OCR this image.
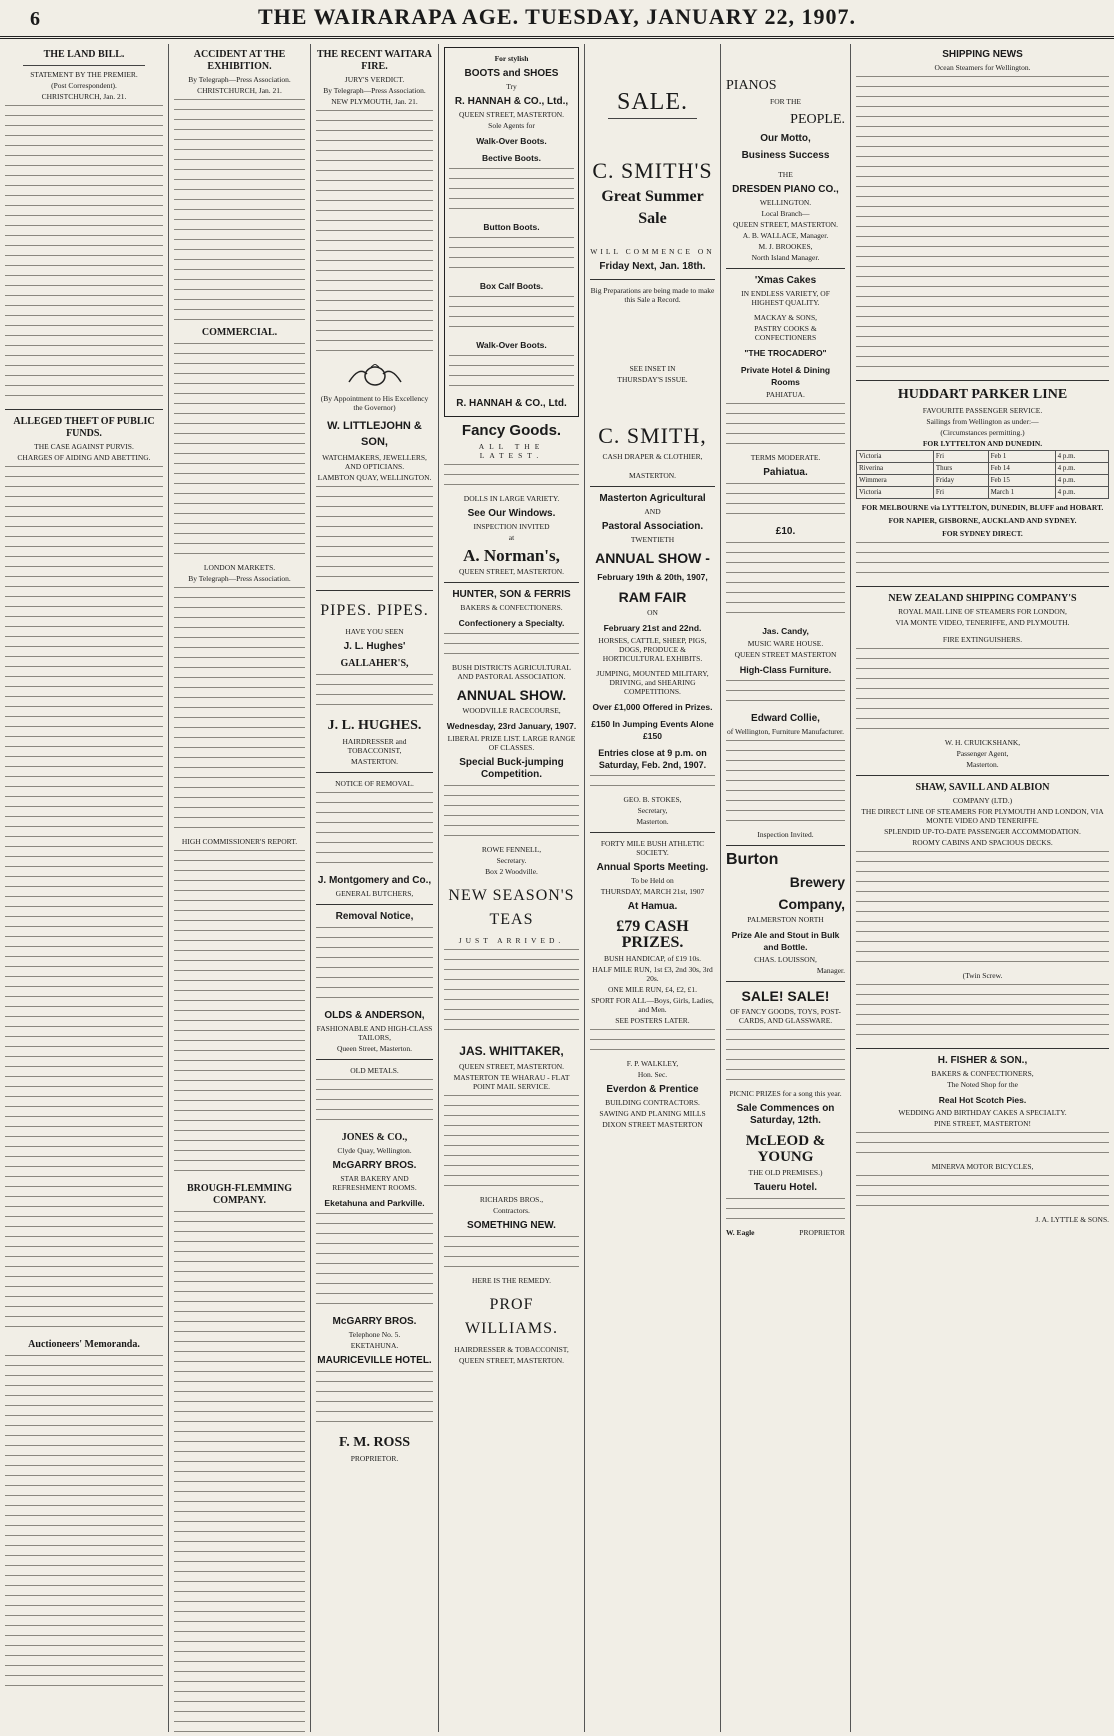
6	THE WAIRARAPA AGE. TUESDAY, JANUARY 22, 1907.
THE LAND BILL.
STATEMENT BY THE PREMIER.
(Post Correspondent).
CHRISTCHURCH, Jan. 21.
ALLEGED THEFT OF PUBLIC FUNDS.
THE CASE AGAINST PURVIS.
CHARGES OF AIDING AND ABETTING.
Auctioneers' Memoranda.
ACCIDENT AT THE EXHIBITION.
By Telegraph—Press Association.
CHRISTCHURCH, Jan. 21.
COMMERCIAL.
LONDON MARKETS.
By Telegraph—Press Association.
HIGH COMMISSIONER'S REPORT.
BROUGH-FLEMMING COMPANY.
THE RECENT WAITARA FIRE.
JURY'S VERDICT.
By Telegraph—Press Association.
NEW PLYMOUTH, Jan. 21.
(By Appointment to His Excellency the Governor)
W. LITTLEJOHN & SON,
WATCHMAKERS, JEWELLERS, AND OPTICIANS.
LAMBTON QUAY, WELLINGTON.
PIPES. PIPES.
HAVE YOU SEEN
J. L. Hughes'
GALLAHER'S,
J. L. HUGHES.
HAIRDRESSER and TOBACCONIST,
MASTERTON.
NOTICE OF REMOVAL.
J. Montgomery and Co.,
GENERAL BUTCHERS,
Removal Notice,
OLDS & ANDERSON,
FASHIONABLE AND HIGH-CLASS TAILORS,
Queen Street, Masterton.
OLD METALS.
JONES & CO.,
Clyde Quay, Wellington.
McGARRY BROS.
STAR BAKERY AND REFRESHMENT ROOMS.
Eketahuna and Parkville.
McGARRY BROS.
Telephone No. 5.
EKETAHUNA.
MAURICEVILLE HOTEL.
F. M. ROSS
PROPRIETOR.
For stylish
BOOTS and SHOES
Try
R. HANNAH & CO., Ltd.,
QUEEN STREET, MASTERTON.
Sole Agents for
Walk-Over Boots.
Bective Boots.
Button Boots.
Box Calf Boots.
Walk-Over Boots.
R. HANNAH & CO., Ltd.
Fancy Goods.
ALL THE LATEST.
DOLLS IN LARGE VARIETY.
See Our Windows.
INSPECTION INVITED
at
A. Norman's,
QUEEN STREET, MASTERTON.
HUNTER, SON & FERRIS
BAKERS & CONFECTIONERS.
Confectionery a Specialty.
BUSH DISTRICTS AGRICULTURAL AND PASTORAL ASSOCIATION.
ANNUAL SHOW.
WOODVILLE RACECOURSE,
Wednesday, 23rd January, 1907.
LIBERAL PRIZE LIST. LARGE RANGE OF CLASSES.
Special Buck-jumping Competition.
ROWE FENNELL,
Secretary.
Box 2 Woodville.
NEW SEASON'S TEAS
JUST ARRIVED.
JAS. WHITTAKER,
QUEEN STREET, MASTERTON.
MASTERTON TE WHARAU - FLAT POINT MAIL SERVICE.
RICHARDS BROS.,
Contractors.
SOMETHING NEW.
HERE IS THE REMEDY.
PROF WILLIAMS.
HAIRDRESSER & TOBACCONIST,
QUEEN STREET, MASTERTON.
SALE.
C. SMITH'S
Great Summer
Sale
WILL COMMENCE ON
Friday Next, Jan. 18th.
Big Preparations are being made to make this Sale a Record.
SEE INSET IN
THURSDAY'S ISSUE.
C. SMITH,
CASH DRAPER & CLOTHIER,
MASTERTON.
Masterton Agricultural
AND
Pastoral Association.
TWENTIETH
ANNUAL SHOW -
February 19th & 20th, 1907,
RAM FAIR
ON
February 21st and 22nd.
HORSES, CATTLE, SHEEP, PIGS, DOGS, PRODUCE & HORTICULTURAL EXHIBITS.
JUMPING, MOUNTED MILITARY, DRIVING, and SHEARING COMPETITIONS.
Over £1,000 Offered in Prizes.
£150 In Jumping Events Alone £150
Entries close at 9 p.m. on Saturday, Feb. 2nd, 1907.
GEO. B. STOKES,
Secretary,
Masterton.
FORTY MILE BUSH ATHLETIC SOCIETY.
Annual Sports Meeting.
To be Held on
THURSDAY, MARCH 21st, 1907
At Hamua.
£79 CASH PRIZES.
BUSH HANDICAP, of £19 10s.
HALF MILE RUN, 1st £3, 2nd 30s, 3rd 20s.
ONE MILE RUN, £4, £2, £1.
SPORT FOR ALL—Boys, Girls, Ladies, and Men.
SEE POSTERS LATER.
F. P. WALKLEY,
Hon. Sec.
Everdon & Prentice
BUILDING CONTRACTORS.
SAWING AND PLANING MILLS
DIXON STREET MASTERTON
PIANOS
FOR THE
PEOPLE.
Our Motto,
Business Success
THE
DRESDEN PIANO CO.,
WELLINGTON.
Local Branch—
QUEEN STREET, MASTERTON.
A. B. WALLACE, Manager.
M. J. BROOKES,
North Island Manager.
'Xmas Cakes
IN ENDLESS VARIETY, OF HIGHEST QUALITY.
MACKAY & SONS,
PASTRY COOKS & CONFECTIONERS
"THE TROCADERO"
Private Hotel & Dining Rooms
PAHIATUA.
TERMS MODERATE.
Pahiatua.
£10.
Jas. Candy,
MUSIC WARE HOUSE.
QUEEN STREET MASTERTON
High-Class Furniture.
Edward Collie,
of Wellington, Furniture Manufacturer.
Inspection Invited.
Burton
Brewery
Company,
PALMERSTON NORTH
Prize Ale and Stout in Bulk and Bottle.
CHAS. LOUISSON,
Manager.
SALE! SALE!
OF FANCY GOODS, TOYS, POST-CARDS, AND GLASSWARE.
PICNIC PRIZES for a song this year.
Sale Commences on Saturday, 12th.
McLEOD & YOUNG
THE OLD PREMISES.)
Taueru Hotel.
W. Eagle	PROPRIETOR
SHIPPING NEWS
Ocean Steamers for Wellington.
HUDDART PARKER LINE
FAVOURITE PASSENGER SERVICE.
Sailings from Wellington as under:—
(Circumstances permitting.)
FOR LYTTELTON AND DUNEDIN.
Victoria	Fri	Feb 1	4 p.m.
Riverina	Thurs	Feb 14	4 p.m.
Wimmera	Friday	Feb 15	4 p.m.
Victoria	Fri	March 1	4 p.m.
FOR MELBOURNE via LYTTELTON, DUNEDIN, BLUFF and HOBART.
FOR NAPIER, GISBORNE, AUCKLAND AND SYDNEY.
FOR SYDNEY DIRECT.
NEW ZEALAND SHIPPING COMPANY'S
ROYAL MAIL LINE OF STEAMERS FOR LONDON,
VIA MONTE VIDEO, TENERIFFE, AND PLYMOUTH.
FIRE EXTINGUISHERS.
W. H. CRUICKSHANK,
Passenger Agent,
Masterton.
SHAW, SAVILL AND ALBION
COMPANY (LTD.)
THE DIRECT LINE OF STEAMERS FOR PLYMOUTH AND LONDON, VIA MONTE VIDEO AND TENERIFFE.
SPLENDID UP-TO-DATE PASSENGER ACCOMMODATION.
ROOMY CABINS AND SPACIOUS DECKS.
(Twin Screw.
H. FISHER & SON.,
BAKERS & CONFECTIONERS,
The Noted Shop for the
Real Hot Scotch Pies.
WEDDING AND BIRTHDAY CAKES A SPECIALTY.
PINE STREET, MASTERTON!
MINERVA MOTOR BICYCLES,
J. A. LYTTLE & SONS.
